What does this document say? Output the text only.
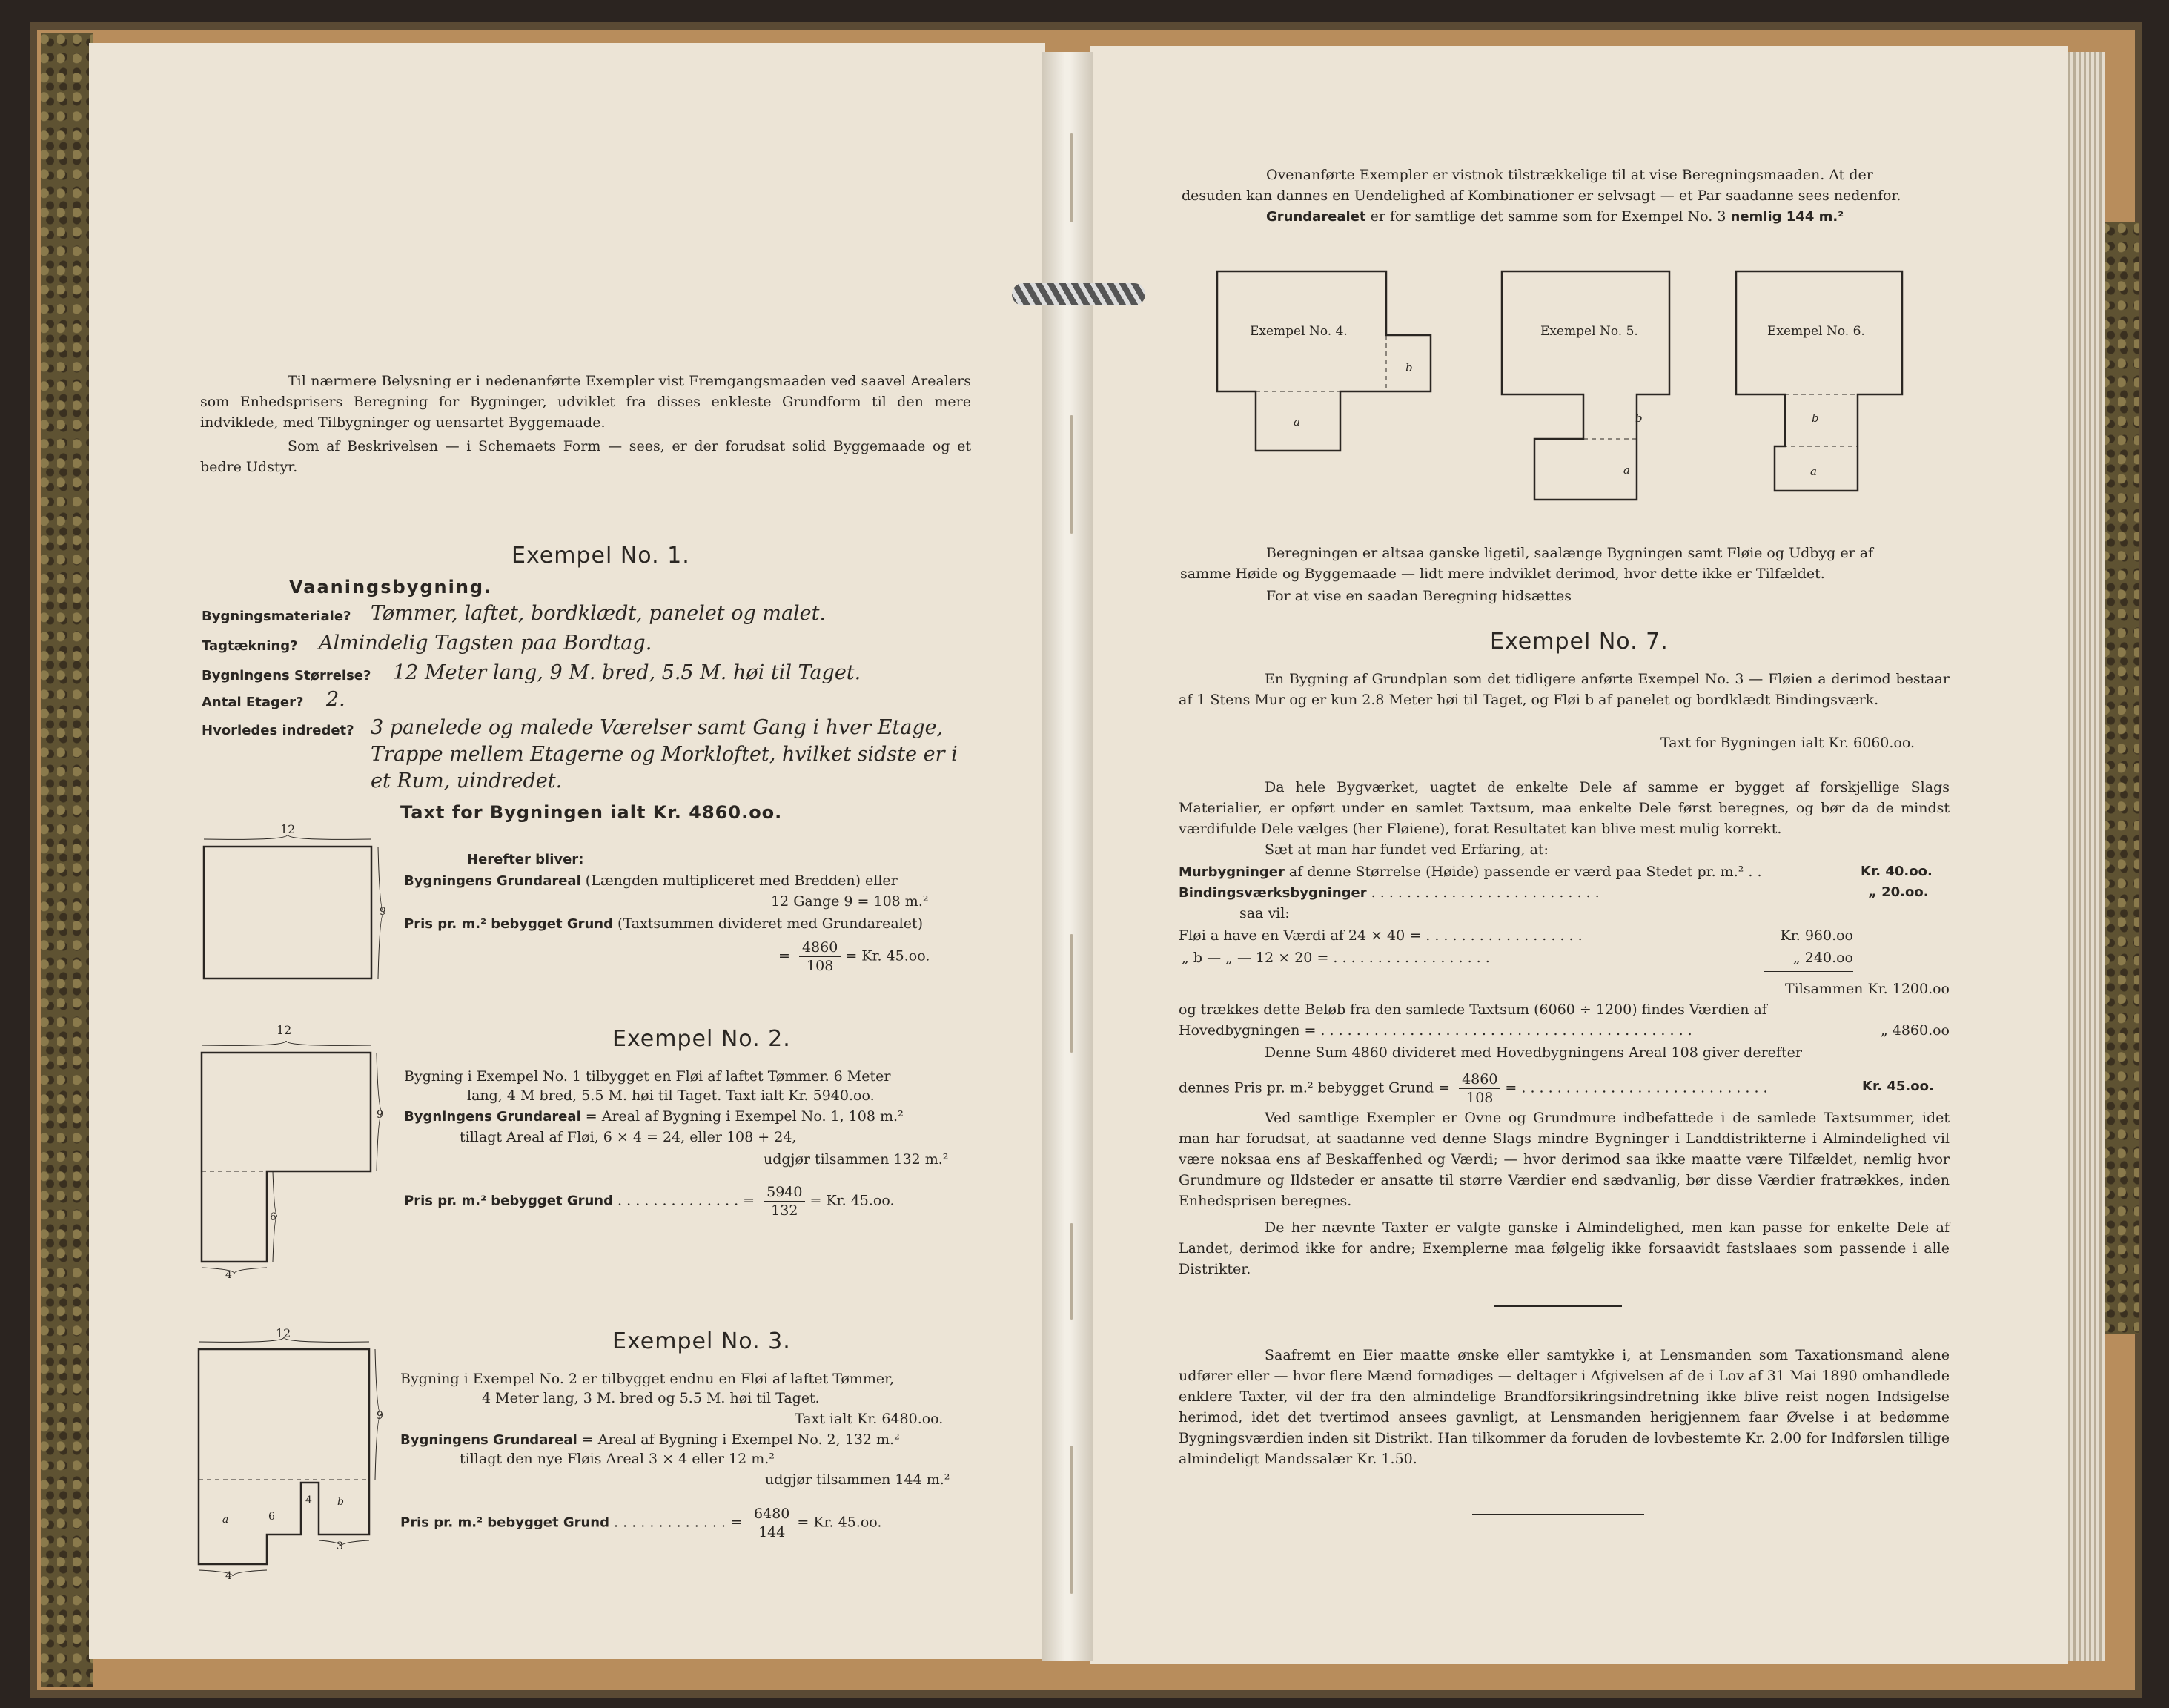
Til nærmere Belysning er i nedenanførte Exempler vist Fremgangsmaaden ved saavel Arealers som Enhedsprisers Beregning for Bygninger, udviklet fra disses enkleste Grundform til den mere indviklede, med Tilbygninger og uensartet Byggemaade.
Som af Beskrivelsen — i Schemaets Form — sees, er der forudsat solid Byggemaade og et bedre Udstyr.
Exempel No. 1.
Vaaningsbygning.
Bygningsmateriale? Tømmer, laftet, bordklædt, panelet og malet.
Tagtækning? Almindelig Tagsten paa Bordtag.
Bygningens Størrelse? 12 Meter lang, 9 M. bred, 5.5 M. høi til Taget.
Antal Etager? 2.
Hvorledes indredet? 3 panelede og malede Værelser samt Gang i hver Etage,
Trappe mellem Etagerne og Morkloftet, hvilket sidste er i
et Rum, uindredet.
Taxt for Bygningen ialt Kr. 4860.oo.
12
9
Herefter bliver:
Bygningens Grundareal (Længden multipliceret med Bredden) eller
12 Gange 9 = 108 m.²
Pris pr. m.² bebygget Grund (Taxtsummen divideret med Grundarealet)
= $\frac{4860}{108} = Kr$. 45.oo.
Exempel No. 2.
12
9
6
4
Bygning i Exempel No. 1 tilbygget en Fløi af laftet Tømmer. 6 Meter
lang, 4 M bred, 5.5 M. høi til Taget. Taxt ialt Kr. 5940.oo.
Bygningens Grundareal = Areal af Bygning i Exempel No. 1, 108 m.²
tillagt Areal af Fløi, 6 × 4 = 24, eller 108 + 24,
udgjør tilsammen 132 m.²
Pris pr. m.² bebygget Grund . . . . . . . . . . . . . . = $\frac{5940}{132} = Kr$. 45.oo.
Exempel No. 3.
12
9
a	6
4 b
4
3
Bygning i Exempel No. 2 er tilbygget endnu en Fløi af laftet Tømmer,
4 Meter lang, 3 M. bred og 5.5 M. høi til Taget.
Taxt ialt Kr. 6480.oo.
Bygningens Grundareal = Areal af Bygning i Exempel No. 2, 132 m.²
tillagt den nye Fløis Areal 3 × 4 eller 12 m.²
udgjør tilsammen 144 m.²
Pris pr. m.² bebygget Grund . . . . . . . . . . . . . = $\frac{6480}{144} = Kr$. 45.oo.
Ovenanførte Exempler er vistnok tilstrækkelige til at vise Beregningsmaaden. At der
desuden kan dannes en Uendelighed af Kombinationer er selvsagt — et Par saadanne sees nedenfor.
Grundarealet er for samtlige det samme som for Exempel No. 3 nemlig 144 m.²
Exempel No. 4.
a
b
Exempel No. 5.
a
b
Exempel No. 6.
a
b
Beregningen er altsaa ganske ligetil, saalænge Bygningen samt Fløie og Udbyg er af
samme Høide og Byggemaade — lidt mere indviklet derimod, hvor dette ikke er Tilfældet.
For at vise en saadan Beregning hidsættes
Exempel No. 7.
En Bygning af Grundplan som det tidligere anførte Exempel No. 3 — Fløien a derimod bestaar af 1 Stens Mur og er kun 2.8 Meter høi til Taget, og Fløi b af panelet og bordklædt Bindingsværk.
Taxt for Bygningen ialt Kr. 6060.oo.
Da hele Bygværket, uagtet de enkelte Dele af samme er bygget af forskjellige Slags Materialier, er opført under en samlet Taxtsum, maa enkelte Dele først beregnes, og bør da de mindst værdifulde Dele vælges (her Fløiene), forat Resultatet kan blive mest mulig korrekt.
Sæt at man har fundet ved Erfaring, at:
Murbygninger af denne Størrelse (Høide) passende er værd paa Stedet pr. m.² . .	Kr. 40.oo.
Bindingsværksbygninger . . . . . . . . . . . . . . . . . . . . . . . . . .	„ 20.oo.
saa vil:
Fløi a have en Værdi af 24 × 40 = . . . . . . . . . . . . . . . . . .	Kr. 960.oo
„ b — „ — 12 × 20 = . . . . . . . . . . . . . . . . . .	„ 240.oo
Tilsammen Kr. 1200.oo
og trækkes dette Beløb fra den samlede Taxtsum (6060 ÷ 1200) findes Værdien af
Hovedbygningen = . . . . . . . . . . . . . . . . . . . . . . . . . . . . . . . . . . . . . . . . . .	„ 4860.oo
Denne Sum 4860 divideret med Hovedbygningens Areal 108 giver derefter
dennes Pris pr. m.² bebygget Grund = $\frac{4860}{108}$ = . . . . . . . . . . . . . . . . . . . . . . . . . . . .	Kr. 45.oo.
Ved samtlige Exempler er Ovne og Grundmure indbefattede i de samlede Taxtsummer, idet man har forudsat, at saadanne ved denne Slags mindre Bygninger i Landdistrikterne i Almindelighed vil være noksaa ens af Beskaffenhed og Værdi; — hvor derimod saa ikke maatte være Tilfældet, nemlig hvor Grundmure og Ildsteder er ansatte til større Værdier end sædvanlig, bør disse Værdier fratrækkes, inden Enhedsprisen beregnes.
De her nævnte Taxter er valgte ganske i Almindelighed, men kan passe for enkelte Dele af Landet, derimod ikke for andre; Exemplerne maa følgelig ikke forsaavidt fastslaaes som passende i alle Distrikter.
Saafremt en Eier maatte ønske eller samtykke i, at Lensmanden som Taxationsmand alene udfører eller — hvor flere Mænd fornødiges — deltager i Afgivelsen af de i Lov af 31 Mai 1890 omhandlede enklere Taxter, vil der fra den almindelige Brandforsikringsindretning ikke blive reist nogen Indsigelse herimod, idet det tvertimod ansees gavnligt, at Lensmanden herigjennem faar Øvelse i at bedømme Bygningsværdien inden sit Distrikt. Han tilkommer da foruden de lovbestemte Kr. 2.00 for Indførslen tillige almindeligt Mandssalær Kr. 1.50.
